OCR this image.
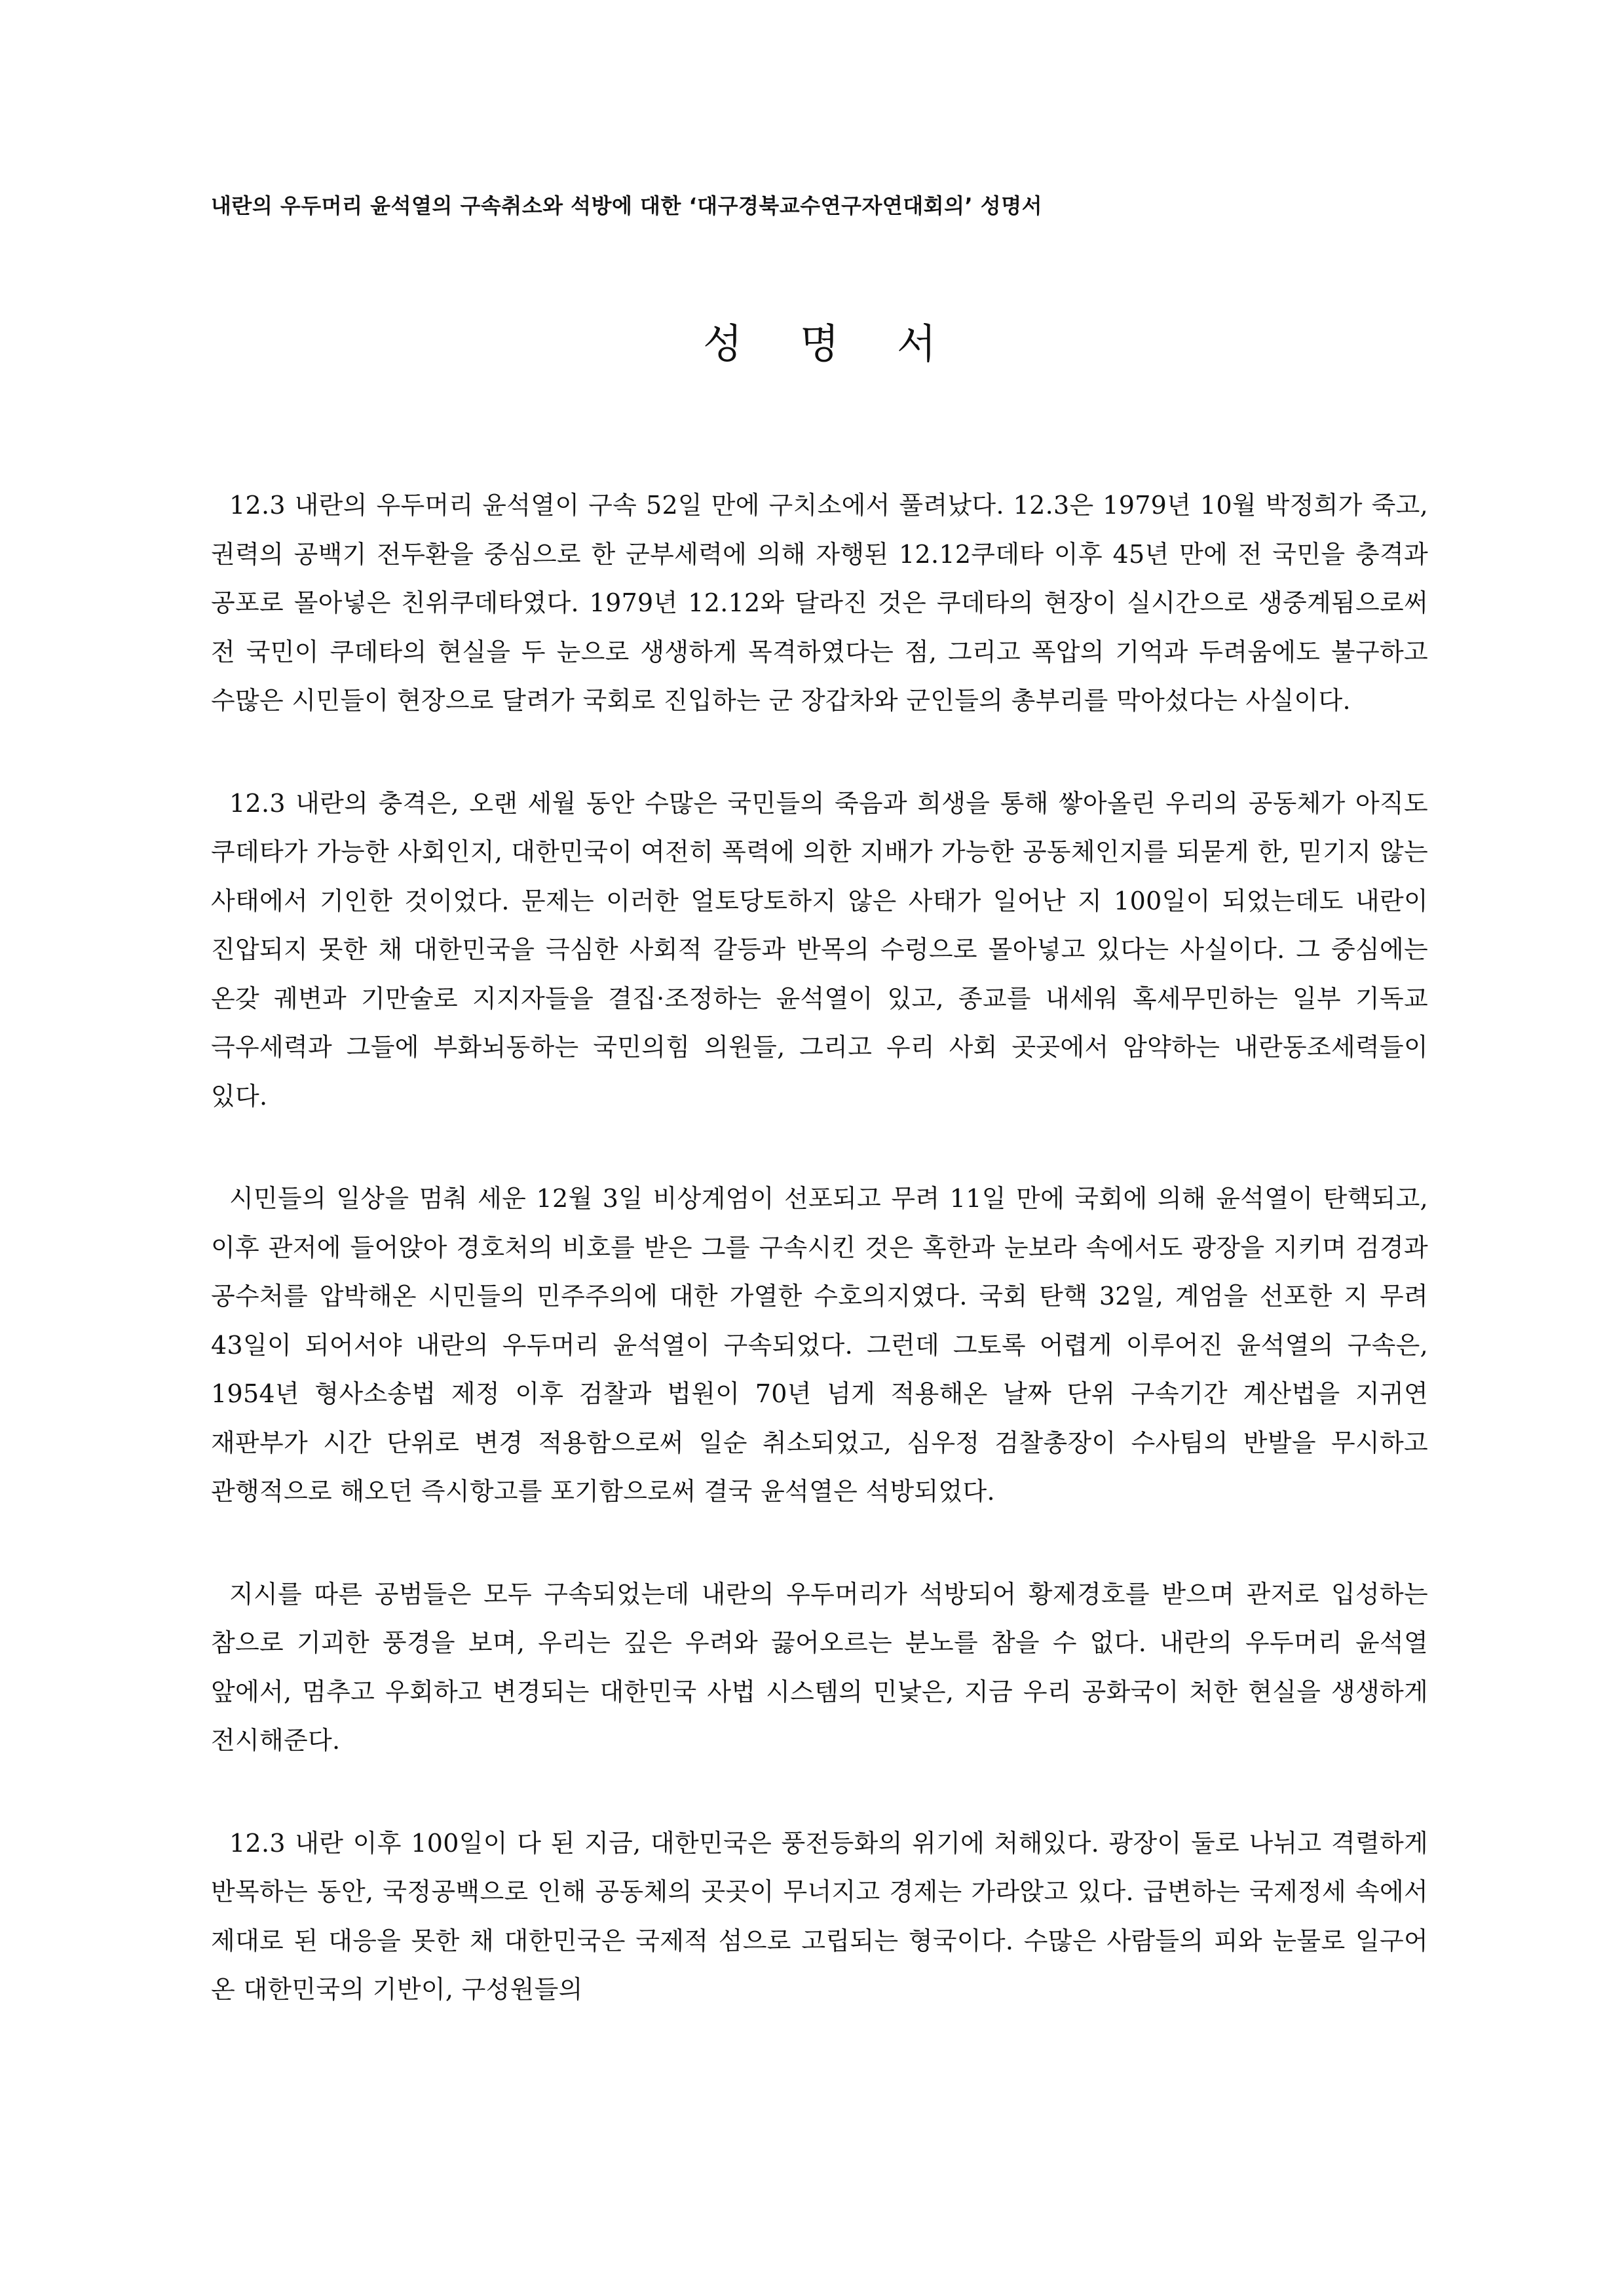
내란의 우두머리 윤석열의 구속취소와 석방에 대한 ‘대구경북교수연구자연대회의’ 성명서
성 명 서

12.3 내란의 우두머리 윤석열이 구속 52일 만에 구치소에서 풀려났다. 12.3은 1979년 10월 박정희가 죽고, 권력의 공백기 전두환을 중심으로 한 군부세력에 의해 자행된 12.12쿠데타 이후 45년 만에 전 국민을 충격과 공포로 몰아넣은 친위쿠데타였다. 1979년 12.12와 달라진 것은 쿠데타의 현장이 실시간으로 생중계됨으로써 전 국민이 쿠데타의 현실을 두 눈으로 생생하게 목격하였다는 점, 그리고 폭압의 기억과 두려움에도 불구하고 수많은 시민들이 현장으로 달려가 국회로 진입하는 군 장갑차와 군인들의 총부리를 막아섰다는 사실이다.

12.3 내란의 충격은, 오랜 세월 동안 수많은 국민들의 죽음과 희생을 통해 쌓아올린 우리의 공동체가 아직도 쿠데타가 가능한 사회인지, 대한민국이 여전히 폭력에 의한 지배가 가능한 공동체인지를 되묻게 한, 믿기지 않는 사태에서 기인한 것이었다. 문제는 이러한 얼토당토하지 않은 사태가 일어난 지 100일이 되었는데도 내란이 진압되지 못한 채 대한민국을 극심한 사회적 갈등과 반목의 수렁으로 몰아넣고 있다는 사실이다. 그 중심에는 온갖 궤변과 기만술로 지지자들을 결집·조정하는 윤석열이 있고, 종교를 내세워 혹세무민하는 일부 기독교 극우세력과 그들에 부화뇌동하는 국민의힘 의원들, 그리고 우리 사회 곳곳에서 암약하는 내란동조세력들이 있다.

시민들의 일상을 멈춰 세운 12월 3일 비상계엄이 선포되고 무려 11일 만에 국회에 의해 윤석열이 탄핵되고, 이후 관저에 들어앉아 경호처의 비호를 받은 그를 구속시킨 것은 혹한과 눈보라 속에서도 광장을 지키며 검경과 공수처를 압박해온 시민들의 민주주의에 대한 가열한 수호의지였다. 국회 탄핵 32일, 계엄을 선포한 지 무려 43일이 되어서야 내란의 우두머리 윤석열이 구속되었다. 그런데 그토록 어렵게 이루어진 윤석열의 구속은, 1954년 형사소송법 제정 이후 검찰과 법원이 70년 넘게 적용해온 날짜 단위 구속기간 계산법을 지귀연 재판부가 시간 단위로 변경 적용함으로써 일순 취소되었고, 심우정 검찰총장이 수사팀의 반발을 무시하고 관행적으로 해오던 즉시항고를 포기함으로써 결국 윤석열은 석방되었다.

지시를 따른 공범들은 모두 구속되었는데 내란의 우두머리가 석방되어 황제경호를 받으며 관저로 입성하는 참으로 기괴한 풍경을 보며, 우리는 깊은 우려와 끓어오르는 분노를 참을 수 없다. 내란의 우두머리 윤석열 앞에서, 멈추고 우회하고 변경되는 대한민국 사법 시스템의 민낯은, 지금 우리 공화국이 처한 현실을 생생하게 전시해준다.

12.3 내란 이후 100일이 다 된 지금, 대한민국은 풍전등화의 위기에 처해있다. 광장이 둘로 나뉘고 격렬하게 반목하는 동안, 국정공백으로 인해 공동체의 곳곳이 무너지고 경제는 가라앉고 있다. 급변하는 국제정세 속에서 제대로 된 대응을 못한 채 대한민국은 국제적 섬으로 고립되는 형국이다. 수많은 사람들의 피와 눈물로 일구어 온 대한민국의 기반이, 구성원들의
